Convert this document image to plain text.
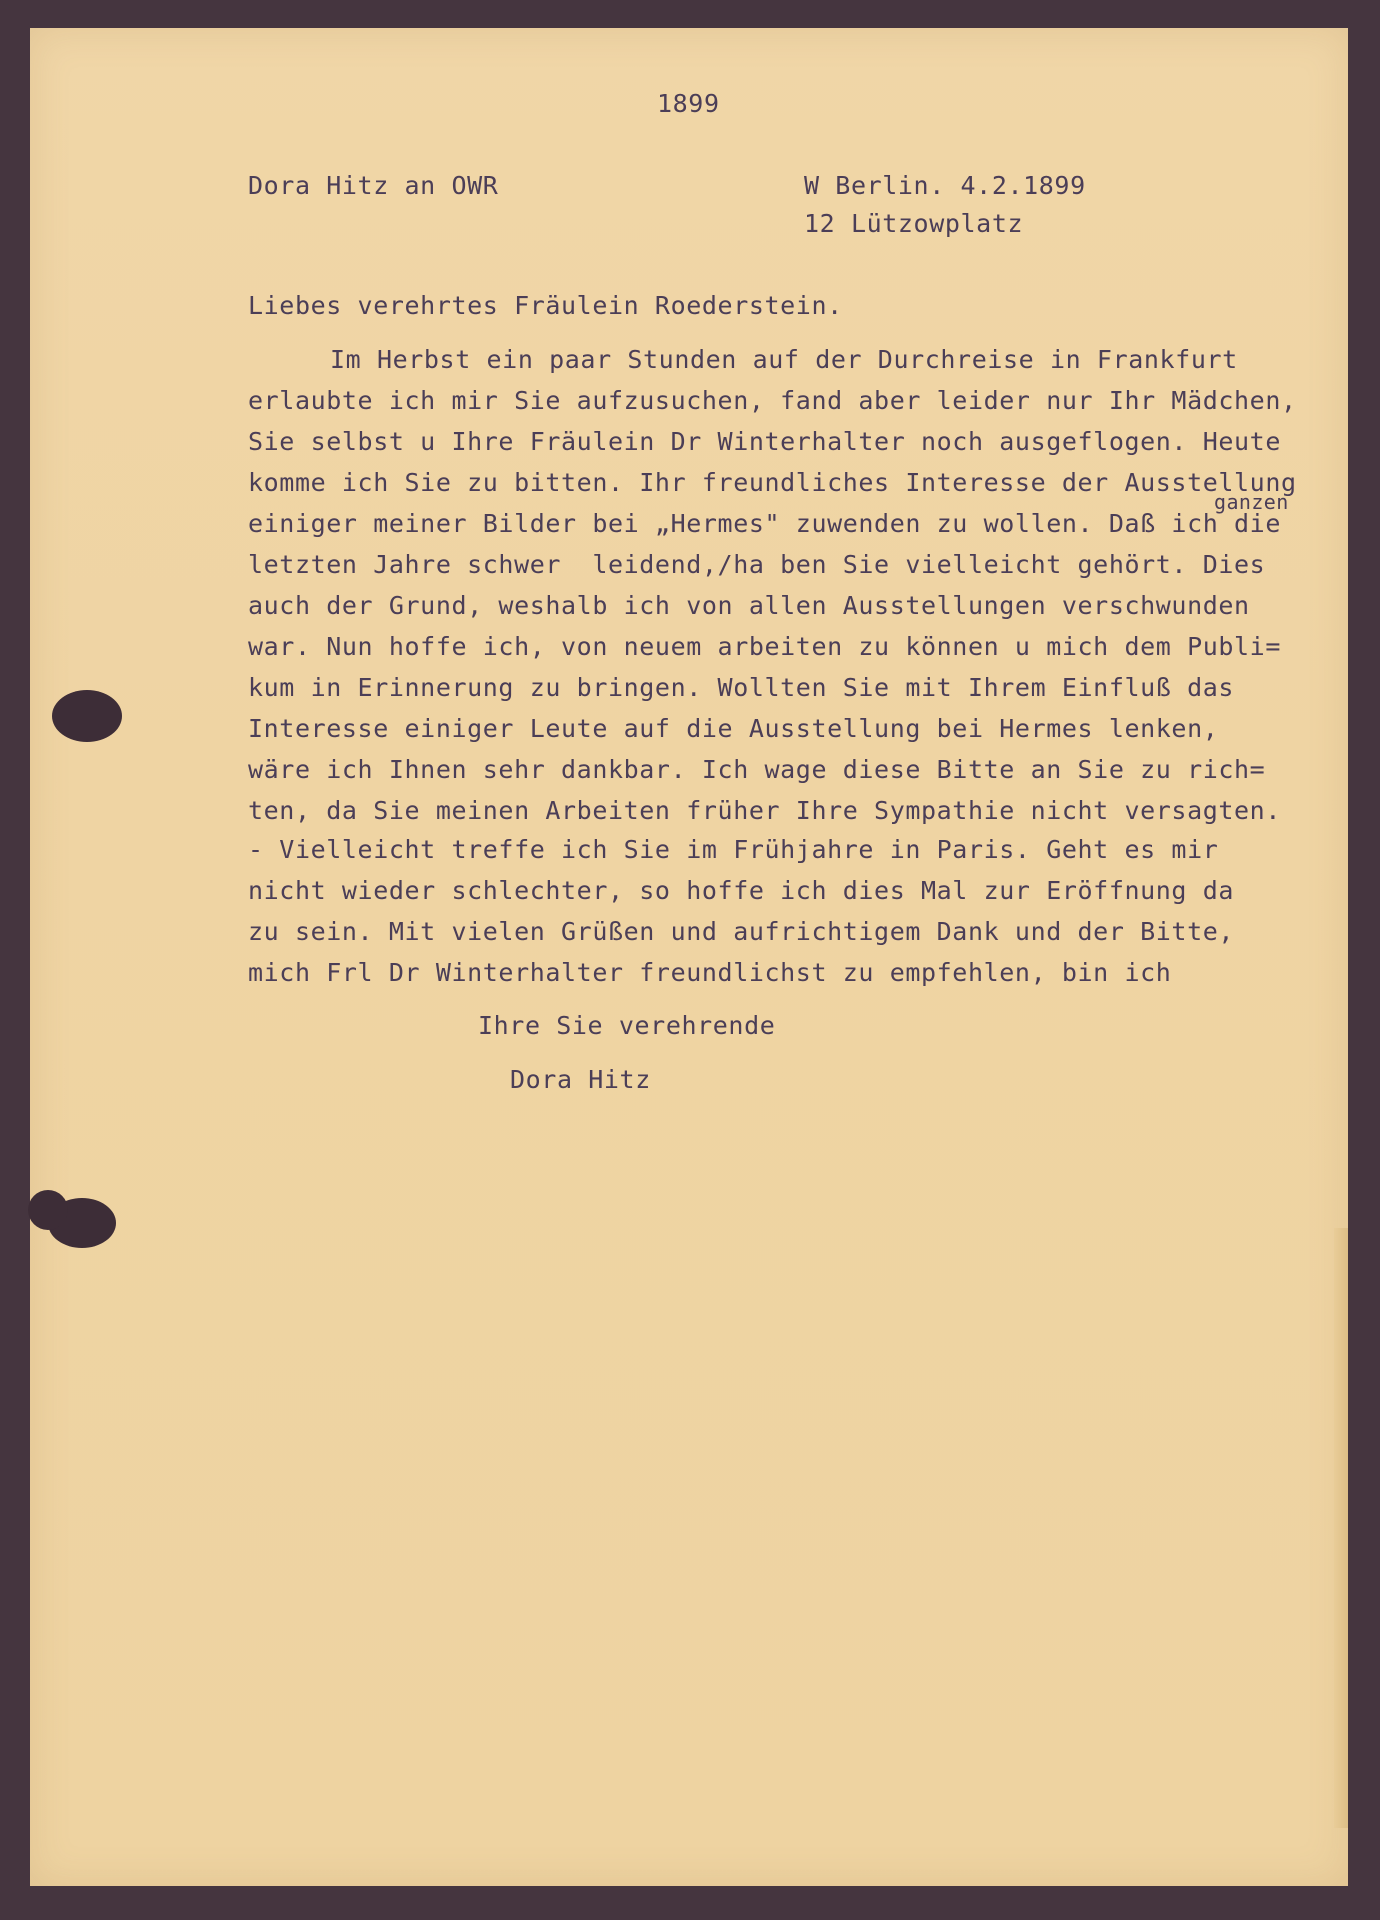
1899
Dora Hitz an OWR	W Berlin. 4.2.1899
12 Lützowplatz
Liebes verehrtes Fräulein Roederstein.
Im Herbst ein paar Stunden auf der Durchreise in Frankfurt
erlaubte ich mir Sie aufzusuchen, fand aber leider nur Ihr Mädchen,
Sie selbst u Ihre Fräulein Dr Winterhalter noch ausgeflogen. Heute
komme ich Sie zu bitten. Ihr freundliches Interesse der Ausstellung
ganzen
einiger meiner Bilder bei „Hermes" zuwenden zu wollen. Daß ich die
letzten Jahre schwer  leidend,/ha ben Sie vielleicht gehört. Dies
auch der Grund, weshalb ich von allen Ausstellungen verschwunden
war. Nun hoffe ich, von neuem arbeiten zu können u mich dem Publi=
kum in Erinnerung zu bringen. Wollten Sie mit Ihrem Einfluß das
Interesse einiger Leute auf die Ausstellung bei Hermes lenken,
wäre ich Ihnen sehr dankbar. Ich wage diese Bitte an Sie zu rich=
ten, da Sie meinen Arbeiten früher Ihre Sympathie nicht versagten.
- Vielleicht treffe ich Sie im Frühjahre in Paris. Geht es mir
nicht wieder schlechter, so hoffe ich dies Mal zur Eröffnung da
zu sein. Mit vielen Grüßen und aufrichtigem Dank und der Bitte,
mich Frl Dr Winterhalter freundlichst zu empfehlen, bin ich
Ihre Sie verehrende
Dora Hitz
